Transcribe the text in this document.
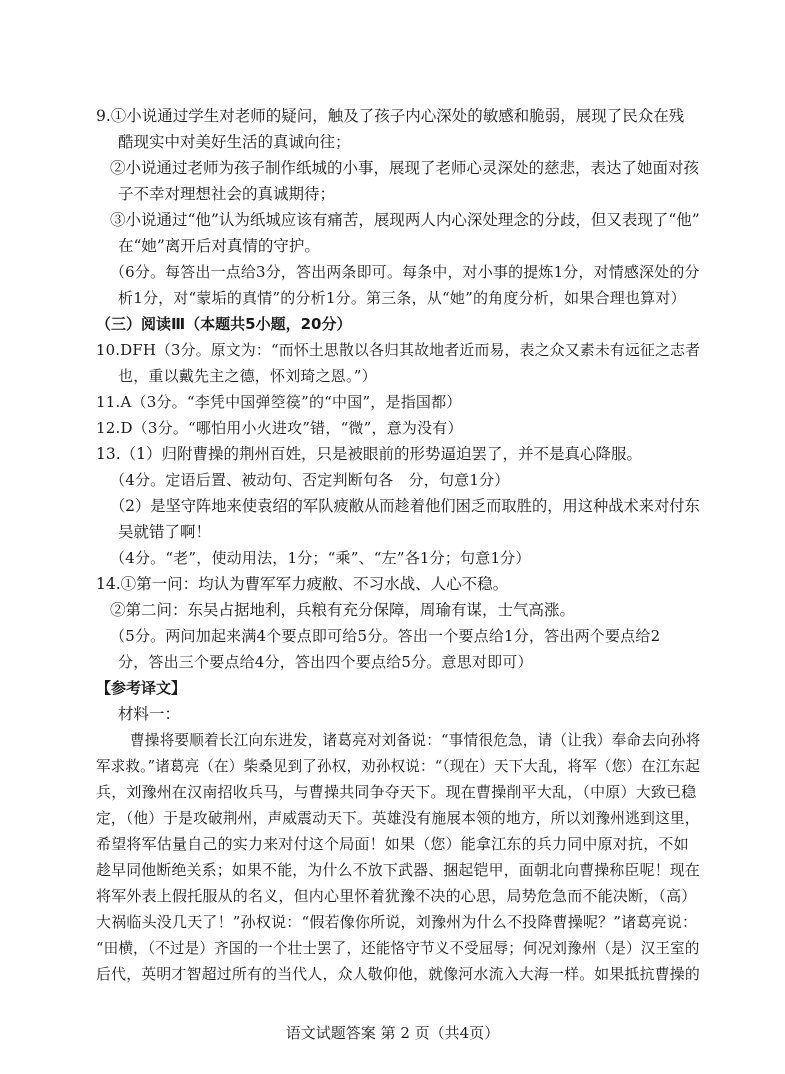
9.①小说通过学生对老师的疑问，触及了孩子内心深处的敏感和脆弱，展现了民众在残
酷现实中对美好生活的真诚向往；
②小说通过老师为孩子制作纸城的小事，展现了老师心灵深处的慈悲，表达了她面对孩
子不幸对理想社会的真诚期待；
③小说通过“他”认为纸城应该有痛苦，展现两人内心深处理念的分歧，但又表现了“他”
在“她”离开后对真情的守护。
（6分。每答出一点给3分，答出两条即可。每条中，对小事的提炼1分，对情感深处的分
析1分，对“蒙垢的真情”的分析1分。第三条，从“她”的角度分析，如果合理也算对）
（三）阅读Ⅲ（本题共5小题，20分）
10.DFH（3分。原文为：“而怀土思散以各归其故地者近而易，表之众又素未有远征之志者
也，重以戴先主之德，怀刘琦之恩。”）
11.A（3分。“李凭中国弹箜篌”的“中国”，是指国都）
12.D（3分。“哪怕用小火进攻”错，“微”，意为没有）
13.（1）归附曹操的荆州百姓，只是被眼前的形势逼迫罢了，并不是真心降服。
（4分。定语后置、被动句、否定判断句各　分，句意1分）
（2）是坚守阵地来使袁绍的军队疲敝从而趁着他们困乏而取胜的，用这种战术来对付东
吴就错了啊！
（4分。“老”，使动用法，1分；“乘”、“左”各1分；句意1分）
14.①第一问：均认为曹军军力疲敝、不习水战、人心不稳。
②第二问：东吴占据地利，兵粮有充分保障，周瑜有谋，士气高涨。
（5分。两问加起来满4个要点即可给5分。答出一个要点给1分，答出两个要点给2
分，答出三个要点给4分，答出四个要点给5分。意思对即可）
【参考译文】
材料一：
曹操将要顺着长江向东进发，诸葛亮对刘备说：“事情很危急，请（让我）奉命去向孙将
军求救。”诸葛亮（在）柴桑见到了孙权，劝孙权说：“（现在）天下大乱，将军（您）在江东起
兵，刘豫州在汉南招收兵马，与曹操共同争夺天下。现在曹操削平大乱，（中原）大致已稳
定，（他）于是攻破荆州，声威震动天下。英雄没有施展本领的地方，所以刘豫州逃到这里，
希望将军估量自己的实力来对付这个局面！如果（您）能拿江东的兵力同中原对抗，不如
趁早同他断绝关系；如果不能，为什么不放下武器、捆起铠甲，面朝北向曹操称臣呢！现在
将军外表上假托服从的名义，但内心里怀着犹豫不决的心思，局势危急而不能决断，（高）
大祸临头没几天了！”孙权说：“假若像你所说，刘豫州为什么不投降曹操呢？”诸葛亮说：
“田横，（不过是）齐国的一个壮士罢了，还能恪守节义不受屈辱；何况刘豫州（是）汉王室的
后代，英明才智超过所有的当代人，众人敬仰他，就像河水流入大海一样。如果抵抗曹操的
语文试题答案 第 2 页（共4页）
